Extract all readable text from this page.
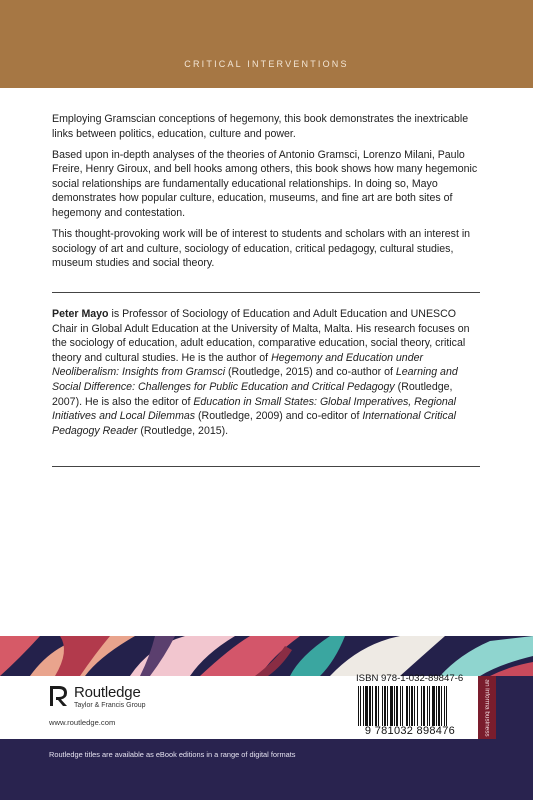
CRITICAL INTERVENTIONS

Employing Gramscian conceptions of hegemony, this book demonstrates the inextricable links between politics, education, culture and power.

Based upon in-depth analyses of the theories of Antonio Gramsci, Lorenzo Milani, Paulo Freire, Henry Giroux, and bell hooks among others, this book shows how many hegemonic social relationships are fundamentally educational relationships. In doing so, Mayo demonstrates how popular culture, education, museums, and fine art are both sites of hegemony and contestation.

This thought-provoking work will be of interest to students and scholars with an interest in sociology of art and culture, sociology of education, critical pedagogy, cultural studies, museum studies and social theory.

Peter Mayo is Professor of Sociology of Education and Adult Education and UNESCO Chair in Global Adult Education at the University of Malta, Malta. His research focuses on the sociology of education, adult education, comparative education, social theory, critical theory and cultural studies. He is the author of Hegemony and Education under Neoliberalism: Insights from Gramsci (Routledge, 2015) and co-author of Learning and Social Difference: Challenges for Public Education and Critical Pedagogy (Routledge, 2007). He is also the editor of Education in Small States: Global Imperatives, Regional Initiatives and Local Dilemmas (Routledge, 2009) and co-editor of International Critical Pedagogy Reader (Routledge, 2015).
Routledge
Taylor & Francis Group
www.routledge.com
ISBN 978-1-032-89847-6
9 781032 898476	an informa business
Routledge titles are available as eBook editions in a range of digital formats
